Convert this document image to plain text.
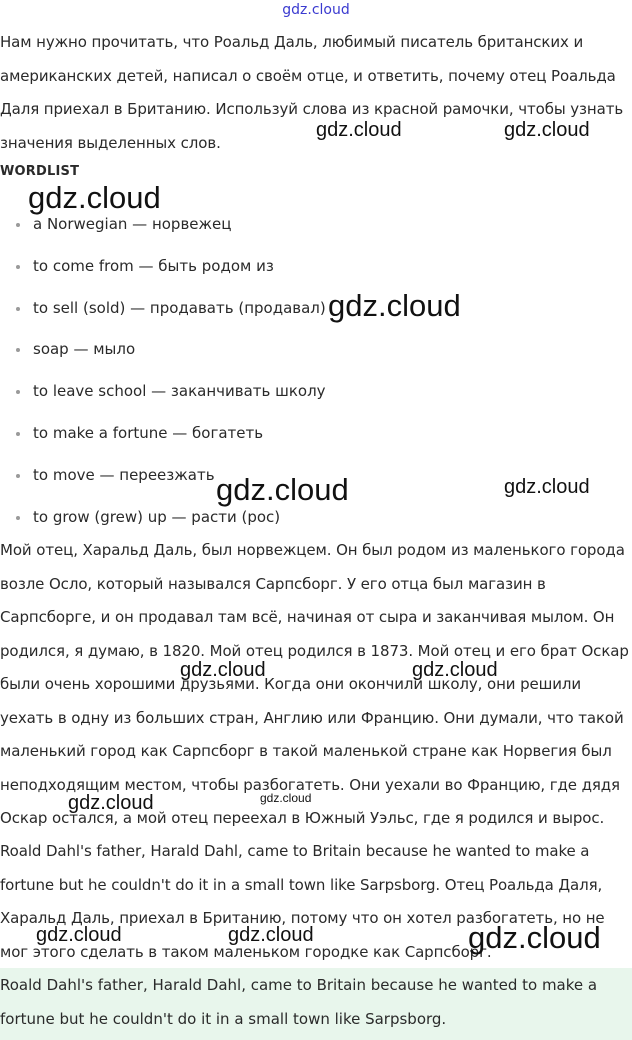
gdz.cloud

Нам нужно прочитать, что Роальд Даль, любимый писатель британских и американских детей, написал о своём отце, и ответить, почему отец Роальда Даля приехал в Британию. Используй слова из красной рамочки, чтобы узнать значения выделенных слов.

WORDLIST
a Norwegian — норвежец
to come from — быть родом из
to sell (sold) — продавать (продавал)
soap — мыло
to leave school — заканчивать школу
to make a fortune — богатеть
to move — переезжать
to grow (grew) up — расти (рос)

Мой отец, Харальд Даль, был норвежцем. Он был родом из маленького города возле Осло, который назывался Сарпсборг. У его отца был магазин в Сарпсборге, и он продавал там всё, начиная от сыра и заканчивая мылом. Он родился, я думаю, в 1820. Мой отец родился в 1873. Мой отец и его брат Оскар были очень хорошими друзьями. Когда они окончили школу, они решили уехать в одну из больших стран, Англию или Францию. Они думали, что такой маленький город как Сарпсборг в такой маленькой стране как Норвегия был неподходящим местом, чтобы разбогатеть. Они уехали во Францию, где дядя Оскар остался, а мой отец переехал в Южный Уэльс, где я родился и вырос.

Roald Dahl's father, Harald Dahl, came to Britain because he wanted to make a fortune but he couldn't do it in a small town like Sarpsborg. Отец Роальда Даля, Харальд Даль, приехал в Британию, потому что он хотел разбогатеть, но не мог этого сделать в таком маленьком городке как Сарпсборг.

Roald Dahl's father, Harald Dahl, came to Britain because he wanted to make a fortune but he couldn't do it in a small town like Sarpsborg.

gdz.cloud	gdz.cloud
gdz.cloud
gdz.cloud
gdz.cloud	gdz.cloud
gdz.cloud	gdz.cloud
gdz.cloud	gdz.cloud
gdz.cloud	gdz.cloud	gdz.cloud
